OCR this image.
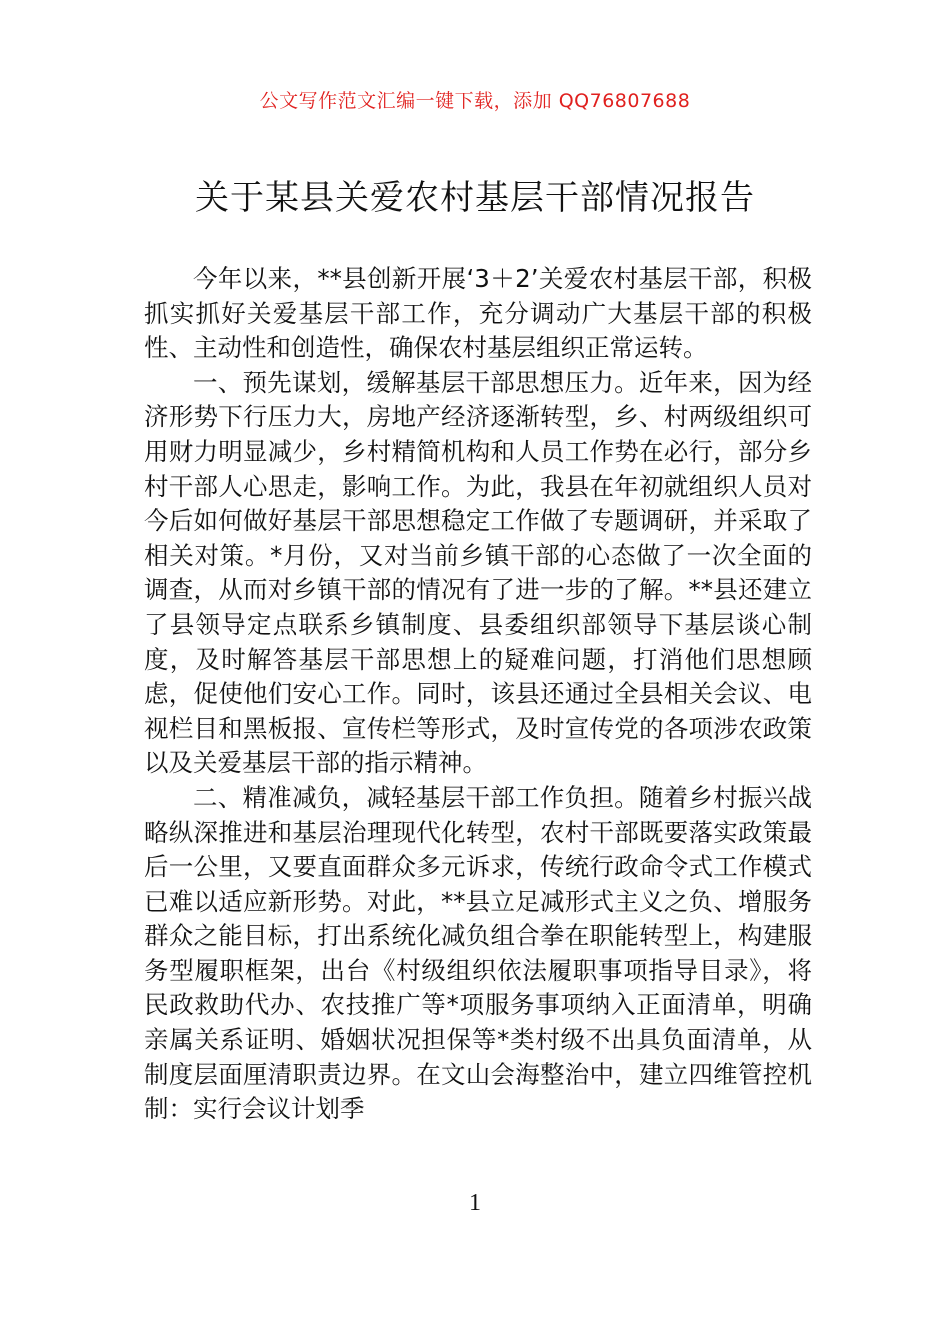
公文写作范文汇编一键下载，添加 QQ76807688
关于某县关爱农村基层干部情况报告

今年以来，**县创新开展‘3＋2’关爱农村基层干部，积极抓实抓好关爱基层干部工作，充分调动广大基层干部的积极性、主动性和创造性，确保农村基层组织正常运转。

一、预先谋划，缓解基层干部思想压力。近年来，因为经济形势下行压力大，房地产经济逐渐转型，乡、村两级组织可用财力明显减少，乡村精简机构和人员工作势在必行，部分乡村干部人心思走，影响工作。为此，我县在年初就组织人员对今后如何做好基层干部思想稳定工作做了专题调研，并采取了相关对策。*月份，又对当前乡镇干部的心态做了一次全面的调查，从而对乡镇干部的情况有了进一步的了解。**县还建立了县领导定点联系乡镇制度、县委组织部领导下基层谈心制度，及时解答基层干部思想上的疑难问题，打消他们思想顾虑，促使他们安心工作。同时，该县还通过全县相关会议、电视栏目和黑板报、宣传栏等形式，及时宣传党的各项涉农政策以及关爱基层干部的指示精神。

二、精准减负，减轻基层干部工作负担。随着乡村振兴战略纵深推进和基层治理现代化转型，农村干部既要落实政策最后一公里，又要直面群众多元诉求，传统行政命令式工作模式已难以适应新形势。对此，**县立足减形式主义之负、增服务群众之能目标，打出系统化减负组合拳在职能转型上，构建服务型履职框架，出台《村级组织依法履职事项指导目录》，将民政救助代办、农技推广等*项服务事项纳入正面清单，明确亲属关系证明、婚姻状况担保等*类村级不出具负面清单，从制度层面厘清职责边界。在文山会海整治中，建立四维管控机制：实行会议计划季

1
